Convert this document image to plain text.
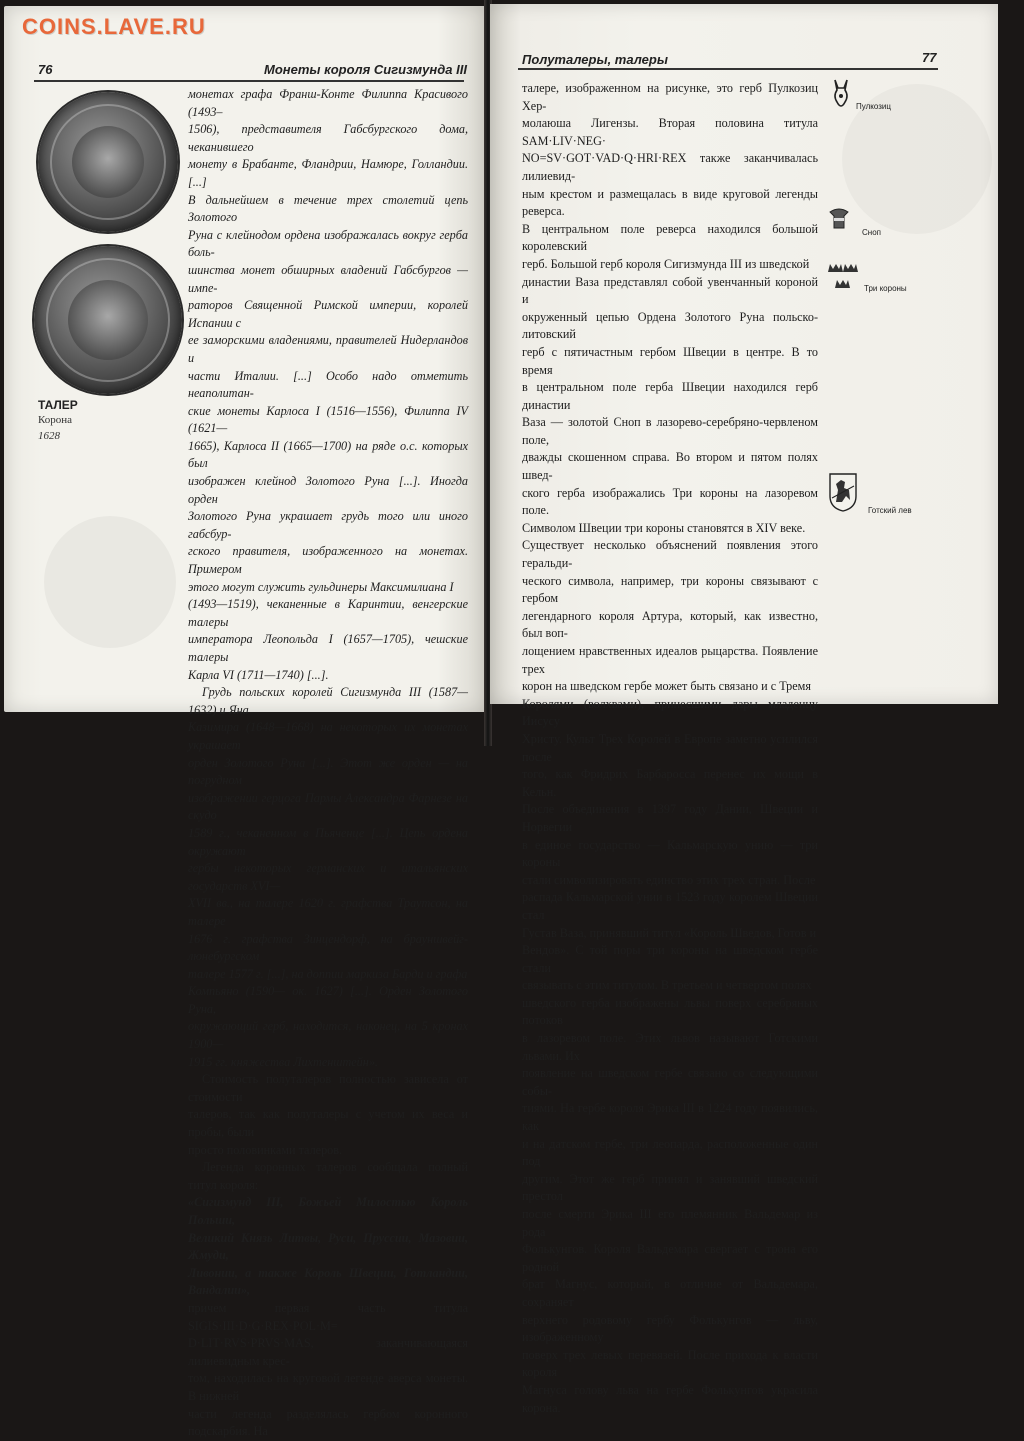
COINS.LAVE.RU
76	Монеты короля Сигизмунда III
ТАЛЕР
Корона
1628

монетах графа Франш-Конте Филиппа Красивого (1493–

1506), представителя Габсбургского дома, чеканившего

монету в Брабанте, Фландрии, Намюре, Голландии. [...]

В дальнейшем в течение трех столетий цепь Золотого

Руна с клейнодом ордена изображалась вокруг герба боль-

шинства монет обширных владений Габсбургов — импе-

раторов Священной Римской империи, королей Испании с

ее заморскими владениями, правителей Нидерландов и

части Италии. [...] Особо надо отметить неаполитан-

ские монеты Карлоса I (1516—1556), Филиппа IV (1621—

1665), Карлоса II (1665—1700) на ряде о.с. которых был

изображен клейнод Золотого Руна [...]. Иногда орден

Золотого Руна украшает грудь того или иного габсбур-

гского правителя, изображенного на монетах. Примером

этого могут служить гульдинеры Максимилиана I

(1493—1519), чеканенные в Каринтии, венгерские талеры

императора Леопольда I (1657—1705), чешские талеры

Карла VI (1711—1740) [...].

Грудь польских королей Сигизмунда III (1587—1632) и Яна

Казимира (1648—1668) на некоторых их монетах украшает

орден Золотого Руна [...]. Этот же орден — на погрудном

изображении герцога Пармы Александра Фарнезе на скудо

1589 г., чеканенном в Пьяченце [...]. Цепь ордена окружают

гербы некоторых германских и итальянских государств XVI—

XVII вв., на талере 1620 г. графства Траутсон, на талере

1676 г. графства Зинцендорф, на брауншвейг-люнебургском

талере 1577 г. [...], на доппии маркиза Барди и графа

Компьяно (1590— ок. 1627) [...]. Орден Золотого Руна,

окружающий герб, находится, наконец, на 5 кронах 1900—

1915 гг. княжества Лихтенштейн».

Стоимость полуталеров полностью зависела от стоимости

талеров, так как полуталеры с учетом их веса и пробы, были

просто половинками талеров.

Легенда коронных талеров сообщала полный титул короля:

«Сигизмунд III, Божьей Милостью Король Польши,

Великий Князь Литвы, Руси, Пруссии, Мазовии, Жмуди,

Ливонии, а также Король Швеции, Готландии, Вандалии»,

причем первая часть титула SIGIS·III·D·G·REX·POL·M=

D·LIT·RVS·PRVS·MAS, заканчивающаяся лилиевидным крес-

том, находилась на круговой легенде аверса монеты. В нижней

части легенда разделялась гербом коронного подскарбия. На

Полуталеры, талеры	77

талере, изображенном на рисунке, это герб Пулкозиц Хер-

молаюша Лигензы. Вторая половина титула SAM·LIV·NEG·

NO=SV·GOT·VAD·Q·HRI·REX также заканчивалась лилиевид-

ным крестом и размещалась в виде круговой легенды реверса.

В центральном поле реверса находился большой королевский

герб. Большой герб короля Сигизмунда III из шведской

династии Ваза представлял собой увенчанный короной и

окруженный цепью Ордена Золотого Руна польско-литовский

герб с пятичастным гербом Швеции в центре. В то время

в центральном поле герба Швеции находился герб династии

Ваза — золотой Сноп в лазорево-серебряно-червленом поле,

дважды скошенном справа. Во втором и пятом полях швед-

ского герба изображались Три короны на лазоревом поле.

Символом Швеции три короны становятся в XIV веке.

Существует несколько объяснений появления этого геральди-

ческого символа, например, три короны связывают с гербом

легендарного короля Артура, который, как известно, был воп-

лощением нравственных идеалов рыцарства. Появление трех

корон на шведском гербе может быть связано и с Тремя

Королями (волхвами), принесшими дары младенцу Иисусу

Христу. Культ Трех Королей в Европе заметно усилился после

того, как Фридрих Барбаросса перенес их мощи в Кельн.

После объединения в 1397 году Дании, Швеции и Норвегии

в единое государство — Кальмарскую унию — три короны

стали символизировать единство этих трех стран. После

распада Кальмарской унии в 1523 году королем Швеции стал

Густав Ваза, принявший титул «Король Шведов, Готов и

Вендов». С той поры три короны на шведском гербе стали

связывать с этим титулом. В третьем и четвертом полях

шведского герба изображены львы поверх серебряных потоков

в лазоревом поле. Этих львов называют Готскими львами. Их

появление на шведском гербе связано со следующими собы-

тиями. На гербе короля Эрика III в 1224 году появились, как

и на датском гербе, три леопарда, расположенные один под

другим. Этот же герб принял и занявший шведский престол

после смерти Эрика III его племянник Вальдемар из рода

Фолькунгов. Короля Вальдемара свергает с трона его родной

брат Магнус, который, в отличие от Вальдемара, сохраняет

верхнего родовому гербу Фолькунгов — льву, изображенному

поверх трех левых перевязей. После прихода к власти короля

Магнуса голову льва на гербе Фолькунгов украсила корона.

Пулкозиц
Сноп
Три короны
Готский лев
